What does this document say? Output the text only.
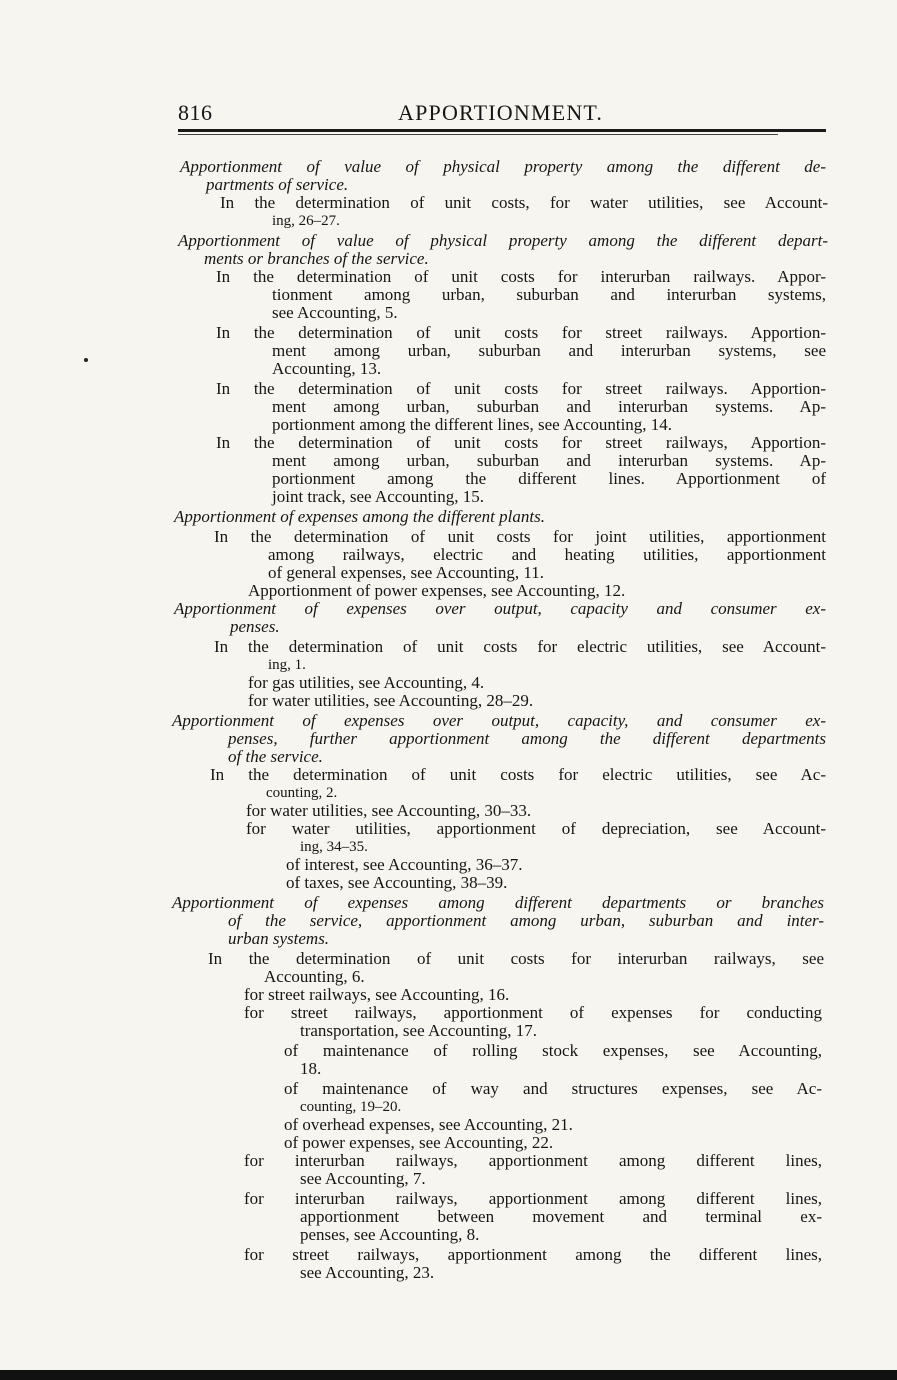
816	APPORTIONMENT.
Apportionment of value of physical property among the different de-
partments of service.
In the determination of unit costs, for water utilities, see Account-
ing, 26–27.
Apportionment of value of physical property among the different depart-
ments or branches of the service.
In the determination of unit costs for interurban railways. Appor-
tionment among urban, suburban and interurban systems,
see Accounting, 5.
In the determination of unit costs for street railways. Apportion-
ment among urban, suburban and interurban systems, see
Accounting, 13.
In the determination of unit costs for street railways. Apportion-
ment among urban, suburban and interurban systems. Ap-
portionment among the different lines, see Accounting, 14.
In the determination of unit costs for street railways, Apportion-
ment among urban, suburban and interurban systems. Ap-
portionment among the different lines. Apportionment of
joint track, see Accounting, 15.
Apportionment of expenses among the different plants.
In the determination of unit costs for joint utilities, apportionment
among railways, electric and heating utilities, apportionment
of general expenses, see Accounting, 11.
Apportionment of power expenses, see Accounting, 12.
Apportionment of expenses over output, capacity and consumer ex-
penses.
In the determination of unit costs for electric utilities, see Account-
ing, 1.
for gas utilities, see Accounting, 4.
for water utilities, see Accounting, 28–29.
Apportionment of expenses over output, capacity, and consumer ex-
penses, further apportionment among the different departments
of the service.
In the determination of unit costs for electric utilities, see Ac-
counting, 2.
for water utilities, see Accounting, 30–33.
for water utilities, apportionment of depreciation, see Account-
ing, 34–35.
of interest, see Accounting, 36–37.
of taxes, see Accounting, 38–39.
Apportionment of expenses among different departments or branches
of the service, apportionment among urban, suburban and inter-
urban systems.
In the determination of unit costs for interurban railways, see
Accounting, 6.
for street railways, see Accounting, 16.
for street railways, apportionment of expenses for conducting
transportation, see Accounting, 17.
of maintenance of rolling stock expenses, see Accounting,
18.
of maintenance of way and structures expenses, see Ac-
counting, 19–20.
of overhead expenses, see Accounting, 21.
of power expenses, see Accounting, 22.
for interurban railways, apportionment among different lines,
see Accounting, 7.
for interurban railways, apportionment among different lines,
apportionment between movement and terminal ex-
penses, see Accounting, 8.
for street railways, apportionment among the different lines,
see Accounting, 23.
